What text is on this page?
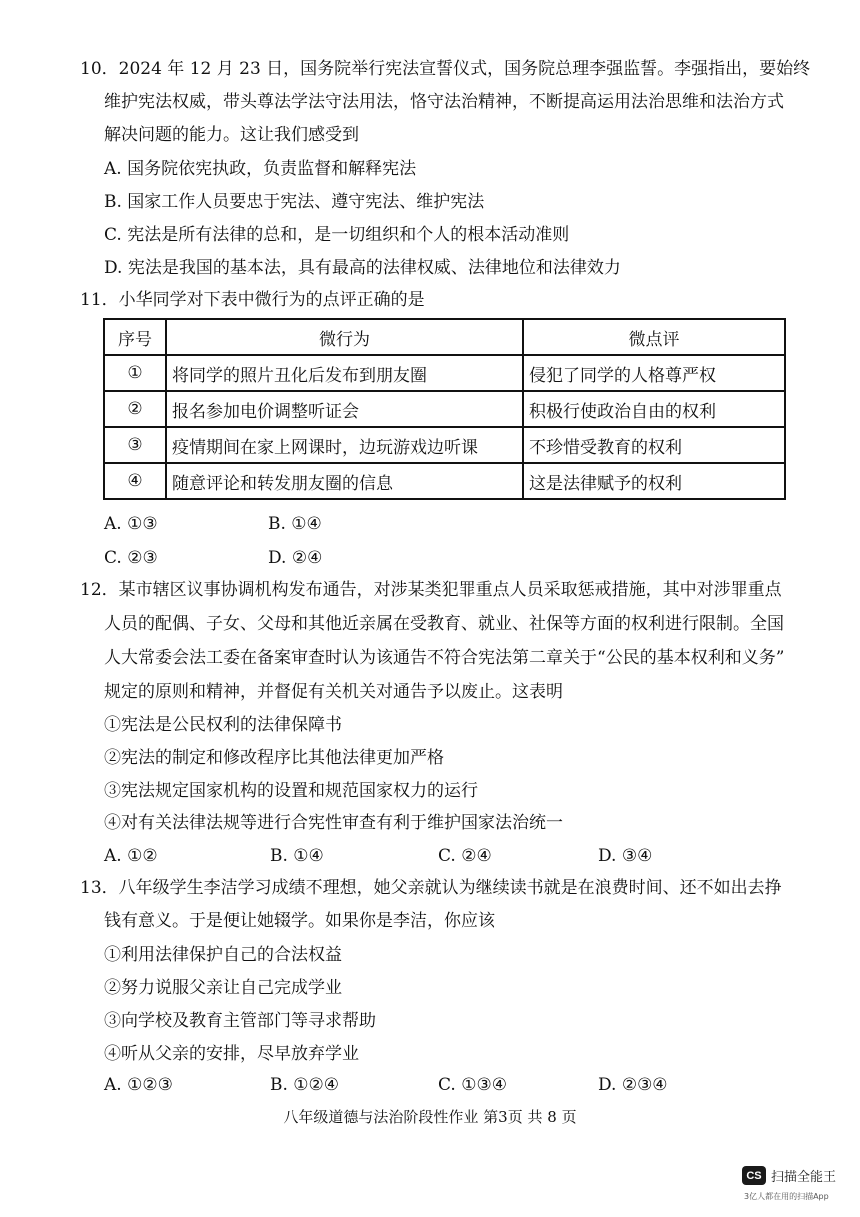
10．2024 年 12 月 23 日，国务院举行宪法宣誓仪式，国务院总理李强监誓。李强指出，要始终
维护宪法权威，带头尊法学法守法用法，恪守法治精神，不断提高运用法治思维和法治方式
解决问题的能力。这让我们感受到
A. 国务院依宪执政，负责监督和解释宪法
B. 国家工作人员要忠于宪法、遵守宪法、维护宪法
C. 宪法是所有法律的总和，是一切组织和个人的根本活动准则
D. 宪法是我国的基本法，具有最高的法律权威、法律地位和法律效力
11．小华同学对下表中微行为的点评正确的是
序号	微行为	微点评
①	将同学的照片丑化后发布到朋友圈	侵犯了同学的人格尊严权
②	报名参加电价调整听证会	积极行使政治自由的权利
③	疫情期间在家上网课时，边玩游戏边听课	不珍惜受教育的权利
④	随意评论和转发朋友圈的信息	这是法律赋予的权利
A. ①③	B. ①④
C. ②③	D. ②④
12．某市辖区议事协调机构发布通告，对涉某类犯罪重点人员采取惩戒措施，其中对涉罪重点
人员的配偶、子女、父母和其他近亲属在受教育、就业、社保等方面的权利进行限制。全国
人大常委会法工委在备案审查时认为该通告不符合宪法第二章关于“公民的基本权利和义务”
规定的原则和精神，并督促有关机关对通告予以废止。这表明
①宪法是公民权利的法律保障书
②宪法的制定和修改程序比其他法律更加严格
③宪法规定国家机构的设置和规范国家权力的运行
④对有关法律法规等进行合宪性审查有利于维护国家法治统一
A. ①②	B. ①④	C. ②④	D. ③④
13．八年级学生李洁学习成绩不理想，她父亲就认为继续读书就是在浪费时间、还不如出去挣
钱有意义。于是便让她辍学。如果你是李洁，你应该
①利用法律保护自己的合法权益
②努力说服父亲让自己完成学业
③向学校及教育主管部门等寻求帮助
④听从父亲的安排，尽早放弃学业
A. ①②③	B. ①②④	C. ①③④	D. ②③④
八年级道德与法治阶段性作业 第3页 共 8 页
CS 扫描全能王
3亿人都在用的扫描App
